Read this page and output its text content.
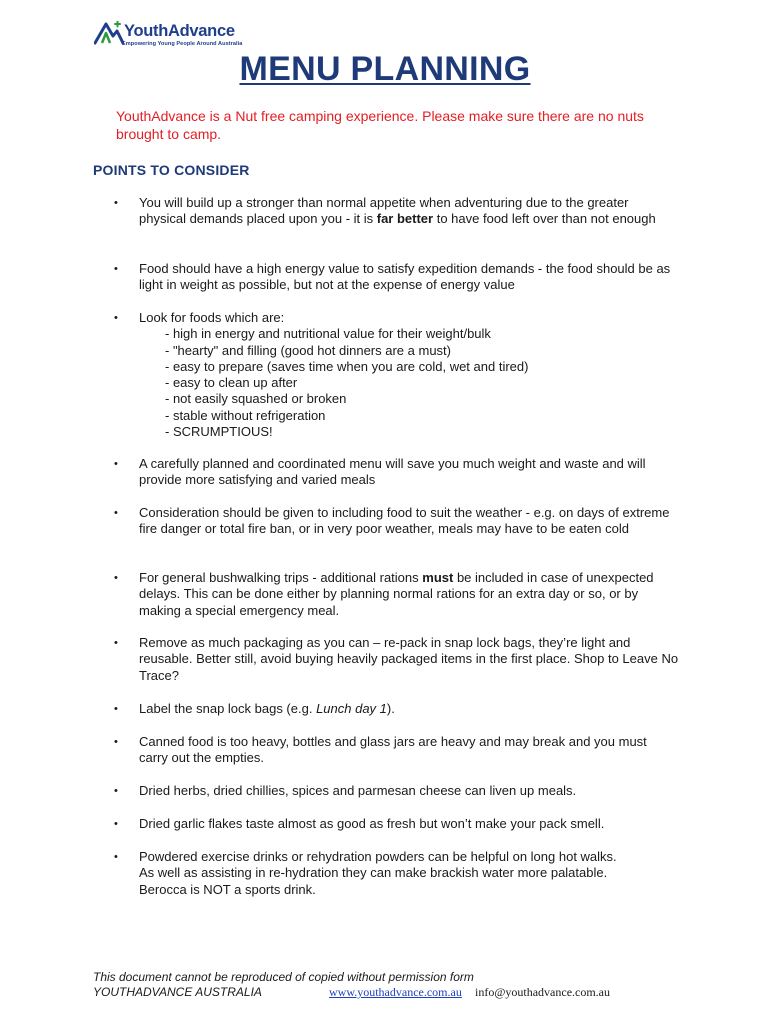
YouthAdvance
Empowering Young People Around Australia
MENU PLANNING
YouthAdvance is a Nut free camping experience. Please make sure there are no nuts brought to camp.
POINTS TO CONSIDER
• You will build up a stronger than normal appetite when adventuring due to the greater physical demands placed upon you - it is far better to have food left over than not enough
• Food should have a high energy value to satisfy expedition demands - the food should be as light in weight as possible, but not at the expense of energy value
• Look for foods which are:
- high in energy and nutritional value for their weight/bulk
- "hearty" and filling (good hot dinners are a must)
- easy to prepare (saves time when you are cold, wet and tired)
- easy to clean up after
- not easily squashed or broken
- stable without refrigeration
- SCRUMPTIOUS!
• A carefully planned and coordinated menu will save you much weight and waste and will provide more satisfying and varied meals
• Consideration should be given to including food to suit the weather - e.g. on days of extreme fire danger or total fire ban, or in very poor weather, meals may have to be eaten cold
• For general bushwalking trips - additional rations must be included in case of unexpected delays. This can be done either by planning normal rations for an extra day or so, or by making a special emergency meal.
• Remove as much packaging as you can – re-pack in snap lock bags, they’re light and reusable. Better still, avoid buying heavily packaged items in the first place. Shop to Leave No Trace?
• Label the snap lock bags (e.g. Lunch day 1).
• Canned food is too heavy, bottles and glass jars are heavy and may break and you must carry out the empties.
• Dried herbs, dried chillies, spices and parmesan cheese can liven up meals.
• Dried garlic flakes taste almost as good as fresh but won’t make your pack smell.
• Powdered exercise drinks or rehydration powders can be helpful on long hot walks.
As well as assisting in re-hydration they can make brackish water more palatable.
Berocca is NOT a sports drink.
This document cannot be reproduced of copied without permission form
YOUTHADVANCE AUSTRALIA	www.youthadvance.com.au info@youthadvance.com.au
